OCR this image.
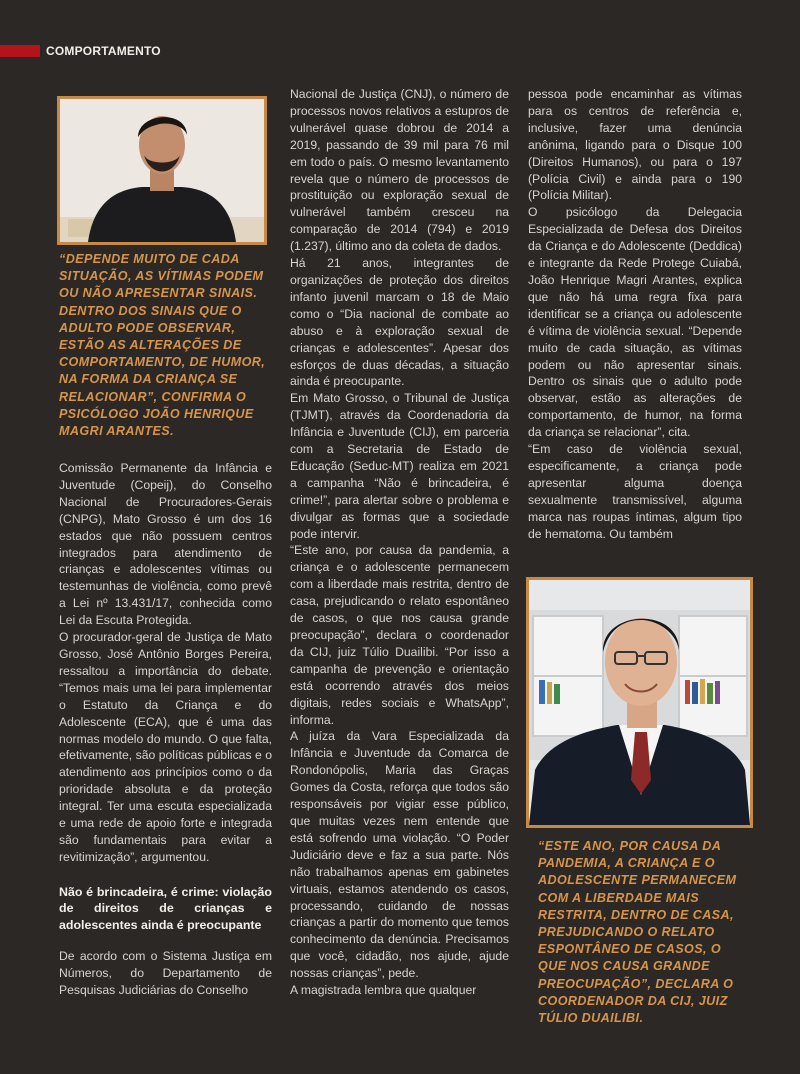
COMPORTAMENTO

“DEPENDE MUITO DE CADA SITUAÇÃO, AS VÍTIMAS PODEM OU NÃO APRESENTAR SINAIS. DENTRO DOS SINAIS QUE O ADULTO PODE OBSERVAR, ESTÃO AS ALTERAÇÕES DE COMPORTAMENTO, DE HUMOR, NA FORMA DA CRIANÇA SE RELACIONAR”, CONFIRMA O PSICÓLOGO JOÃO HENRIQUE MAGRI ARANTES.

Comissão Permanente da Infância e Juventude (Copeij), do Conselho Nacional de Procuradores-Gerais (CNPG), Mato Grosso é um dos 16 estados que não possuem centros integrados para atendimento de crianças e adolescentes vítimas ou testemunhas de violência, como prevê a Lei nº 13.431/17, conhecida como Lei da Escuta Protegida.

O procurador-geral de Justiça de Mato Grosso, José Antônio Borges Pereira, ressaltou a importância do debate. “Temos mais uma lei para implementar o Estatuto da Criança e do Adolescente (ECA), que é uma das normas modelo do mundo. O que falta, efetivamente, são políticas públicas e o atendimento aos princípios como o da prioridade absoluta e da proteção integral. Ter uma escuta especializada e uma rede de apoio forte e integrada são fundamentais para evitar a revitimização”, argumentou.

Não é brincadeira, é crime: violação de direitos de crianças e adolescentes ainda é preocupante

De acordo com o Sistema Justiça em Números, do Departamento de Pesquisas Judiciárias do Conselho

Nacional de Justiça (CNJ), o número de processos novos relativos a estupros de vulnerável quase dobrou de 2014 a 2019, passando de 39 mil para 76 mil em todo o país. O mesmo levantamento revela que o número de processos de prostituição ou exploração sexual de vulnerável também cresceu na comparação de 2014 (794) e 2019 (1.237), último ano da coleta de dados.

Há 21 anos, integrantes de organizações de proteção dos direitos infanto juvenil marcam o 18 de Maio como o “Dia nacional de combate ao abuso e à exploração sexual de crianças e adolescentes”. Apesar dos esforços de duas décadas, a situação ainda é preocupante.

Em Mato Grosso, o Tribunal de Justiça (TJMT), através da Coordenadoria da Infância e Juventude (CIJ), em parceria com a Secretaria de Estado de Educação (Seduc-MT) realiza em 2021 a campanha “Não é brincadeira, é crime!”, para alertar sobre o problema e divulgar as formas que a sociedade pode intervir.

“Este ano, por causa da pandemia, a criança e o adolescente permanecem com a liberdade mais restrita, dentro de casa, prejudicando o relato espontâneo de casos, o que nos causa grande preocupação”, declara o coordenador da CIJ, juiz Túlio Duailibi. “Por isso a campanha de prevenção e orientação está ocorrendo através dos meios digitais, redes sociais e WhatsApp”, informa.

A juíza da Vara Especializada da Infância e Juventude da Comarca de Rondonópolis, Maria das Graças Gomes da Costa, reforça que todos são responsáveis por vigiar esse público, que muitas vezes nem entende que está sofrendo uma violação. “O Poder Judiciário deve e faz a sua parte. Nós não trabalhamos apenas em gabinetes virtuais, estamos atendendo os casos, processando, cuidando de nossas crianças a partir do momento que temos conhecimento da denúncia. Precisamos que você, cidadão, nos ajude, ajude nossas crianças”, pede.

A magistrada lembra que qualquer

pessoa pode encaminhar as vítimas para os centros de referência e, inclusive, fazer uma denúncia anônima, ligando para o Disque 100 (Direitos Humanos), ou para o 197 (Polícia Civil) e ainda para o 190 (Polícia Militar).

O psicólogo da Delegacia Especializada de Defesa dos Direitos da Criança e do Adolescente (Deddica) e integrante da Rede Protege Cuiabá, João Henrique Magri Arantes, explica que não há uma regra fixa para identificar se a criança ou adolescente é vítima de violência sexual. “Depende muito de cada situação, as vítimas podem ou não apresentar sinais. Dentro os sinais que o adulto pode observar, estão as alterações de comportamento, de humor, na forma da criança se relacionar”, cita.

“Em caso de violência sexual, especificamente, a criança pode apresentar alguma doença sexualmente transmissível, alguma marca nas roupas íntimas, algum tipo de hematoma. Ou também

“ESTE ANO, POR CAUSA DA PANDEMIA, A CRIANÇA E O ADOLESCENTE PERMANECEM COM A LIBERDADE MAIS RESTRITA, DENTRO DE CASA, PREJUDICANDO O RELATO ESPONTÂNEO DE CASOS, O QUE NOS CAUSA GRANDE PREOCUPAÇÃO”, DECLARA O COORDENADOR DA CIJ, JUIZ TÚLIO DUAILIBI.
